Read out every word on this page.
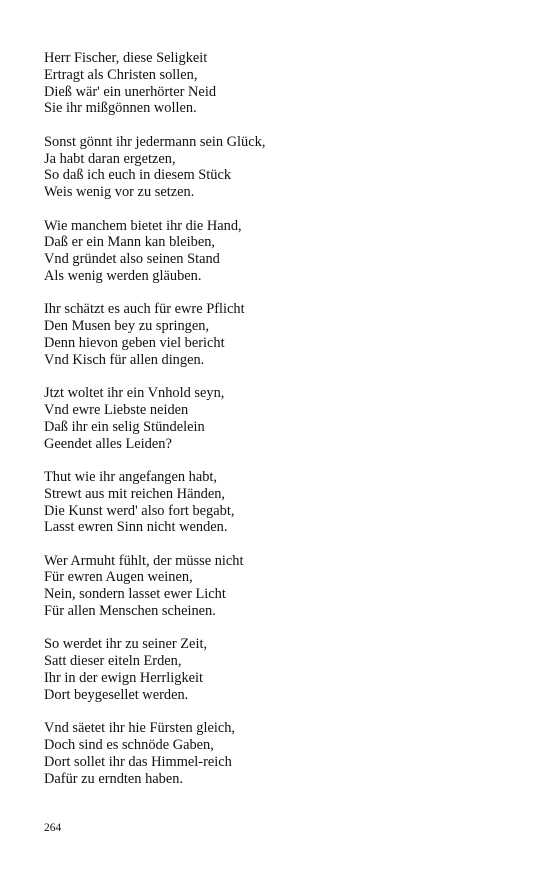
Herr Fischer, diese Seligkeit
Ertragt als Christen sollen,
Dieß wär' ein unerhörter Neid
Sie ihr mißgönnen wollen.
Sonst gönnt ihr jedermann sein Glück,
Ja habt daran ergetzen,
So daß ich euch in diesem Stück
Weis wenig vor zu setzen.
Wie manchem bietet ihr die Hand,
Daß er ein Mann kan bleiben,
Vnd gründet also seinen Stand
Als wenig werden gläuben.
Ihr schätzt es auch für ewre Pflicht
Den Musen bey zu springen,
Denn hievon geben viel bericht
Vnd Kisch für allen dingen.
Jtzt woltet ihr ein Vnhold seyn,
Vnd ewre Liebste neiden
Daß ihr ein selig Stündelein
Geendet alles Leiden?
Thut wie ihr angefangen habt,
Strewt aus mit reichen Händen,
Die Kunst werd' also fort begabt,
Lasst ewren Sinn nicht wenden.
Wer Armuht fühlt, der müsse nicht
Für ewren Augen weinen,
Nein, sondern lasset ewer Licht
Für allen Menschen scheinen.
So werdet ihr zu seiner Zeit,
Satt dieser eiteln Erden,
Ihr in der ewign Herrligkeit
Dort beygesellet werden.
Vnd säetet ihr hie Fürsten gleich,
Doch sind es schnöde Gaben,
Dort sollet ihr das Himmel-reich
Dafür zu erndten haben.
264
